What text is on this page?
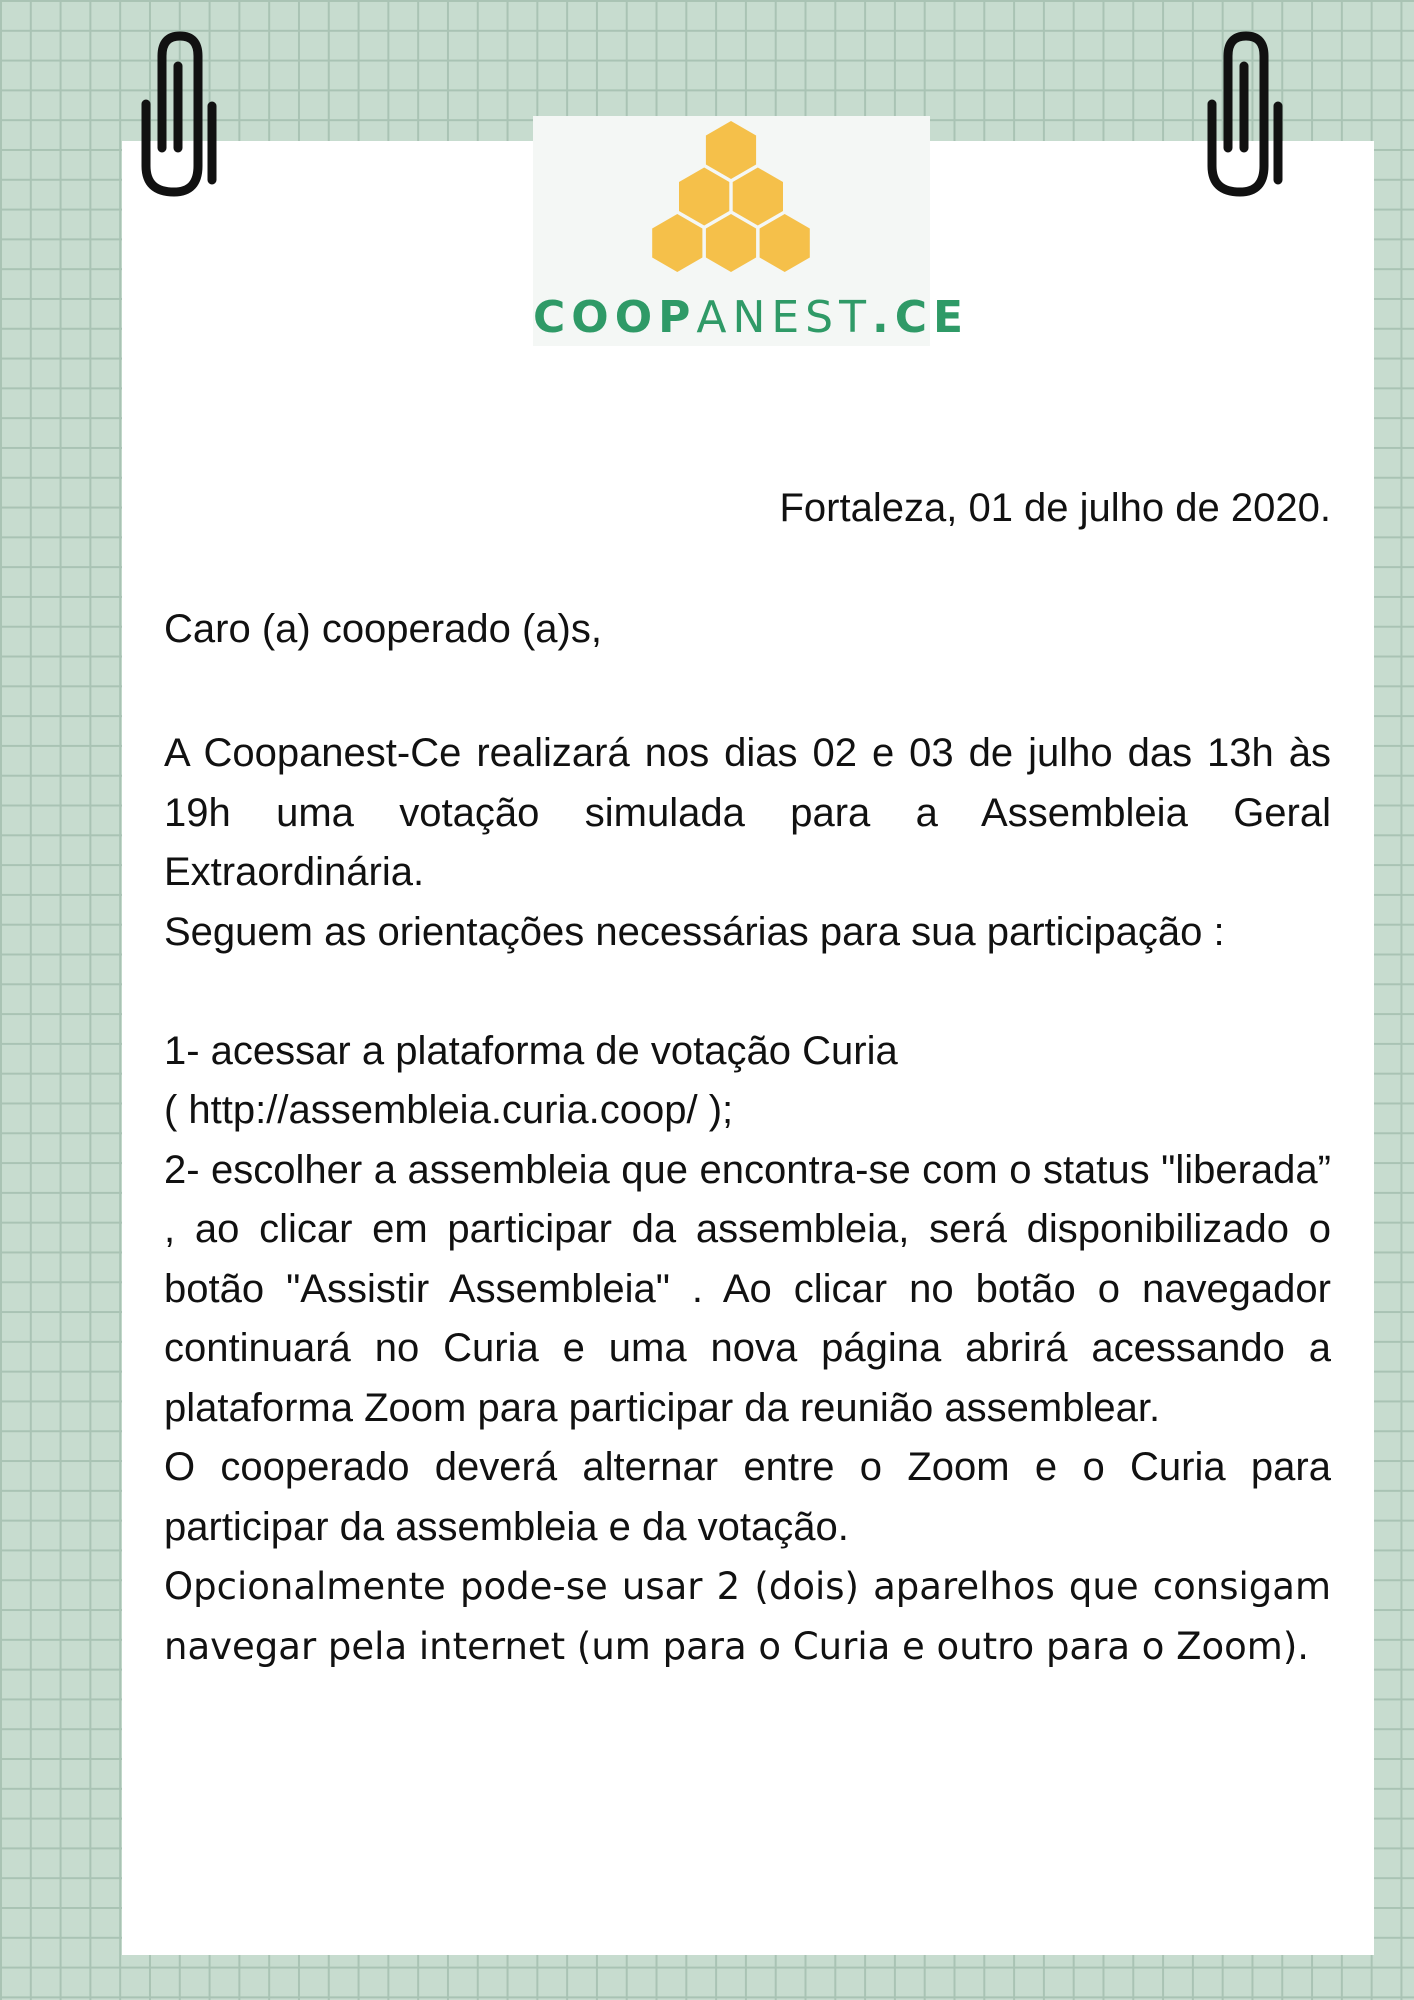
COOPANEST.CE
Fortaleza, 01 de julho de 2020.
Caro (a) cooperado (a)s,

A Coopanest-Ce realizará nos dias 02 e 03 de julho das 13h às 19h uma votação simulada para a Assembleia Geral Extraordinária.

Seguem as orientações necessárias para sua participação :

1- acessar a plataforma de votação Curia

( http://assembleia.curia.coop/ );

2- escolher a assembleia que encontra-se com o status "liberada” , ao clicar em participar da assembleia, será disponibilizado o botão "Assistir Assembleia" . Ao clicar no botão o navegador continuará no Curia e uma nova página abrirá acessando a plataforma Zoom para participar da reunião assemblear.

O cooperado deverá alternar entre o Zoom e o Curia para participar da assembleia e da votação.

Opcionalmente pode-se usar 2 (dois) aparelhos que consigam navegar pela internet (um para o Curia e outro para o Zoom).
